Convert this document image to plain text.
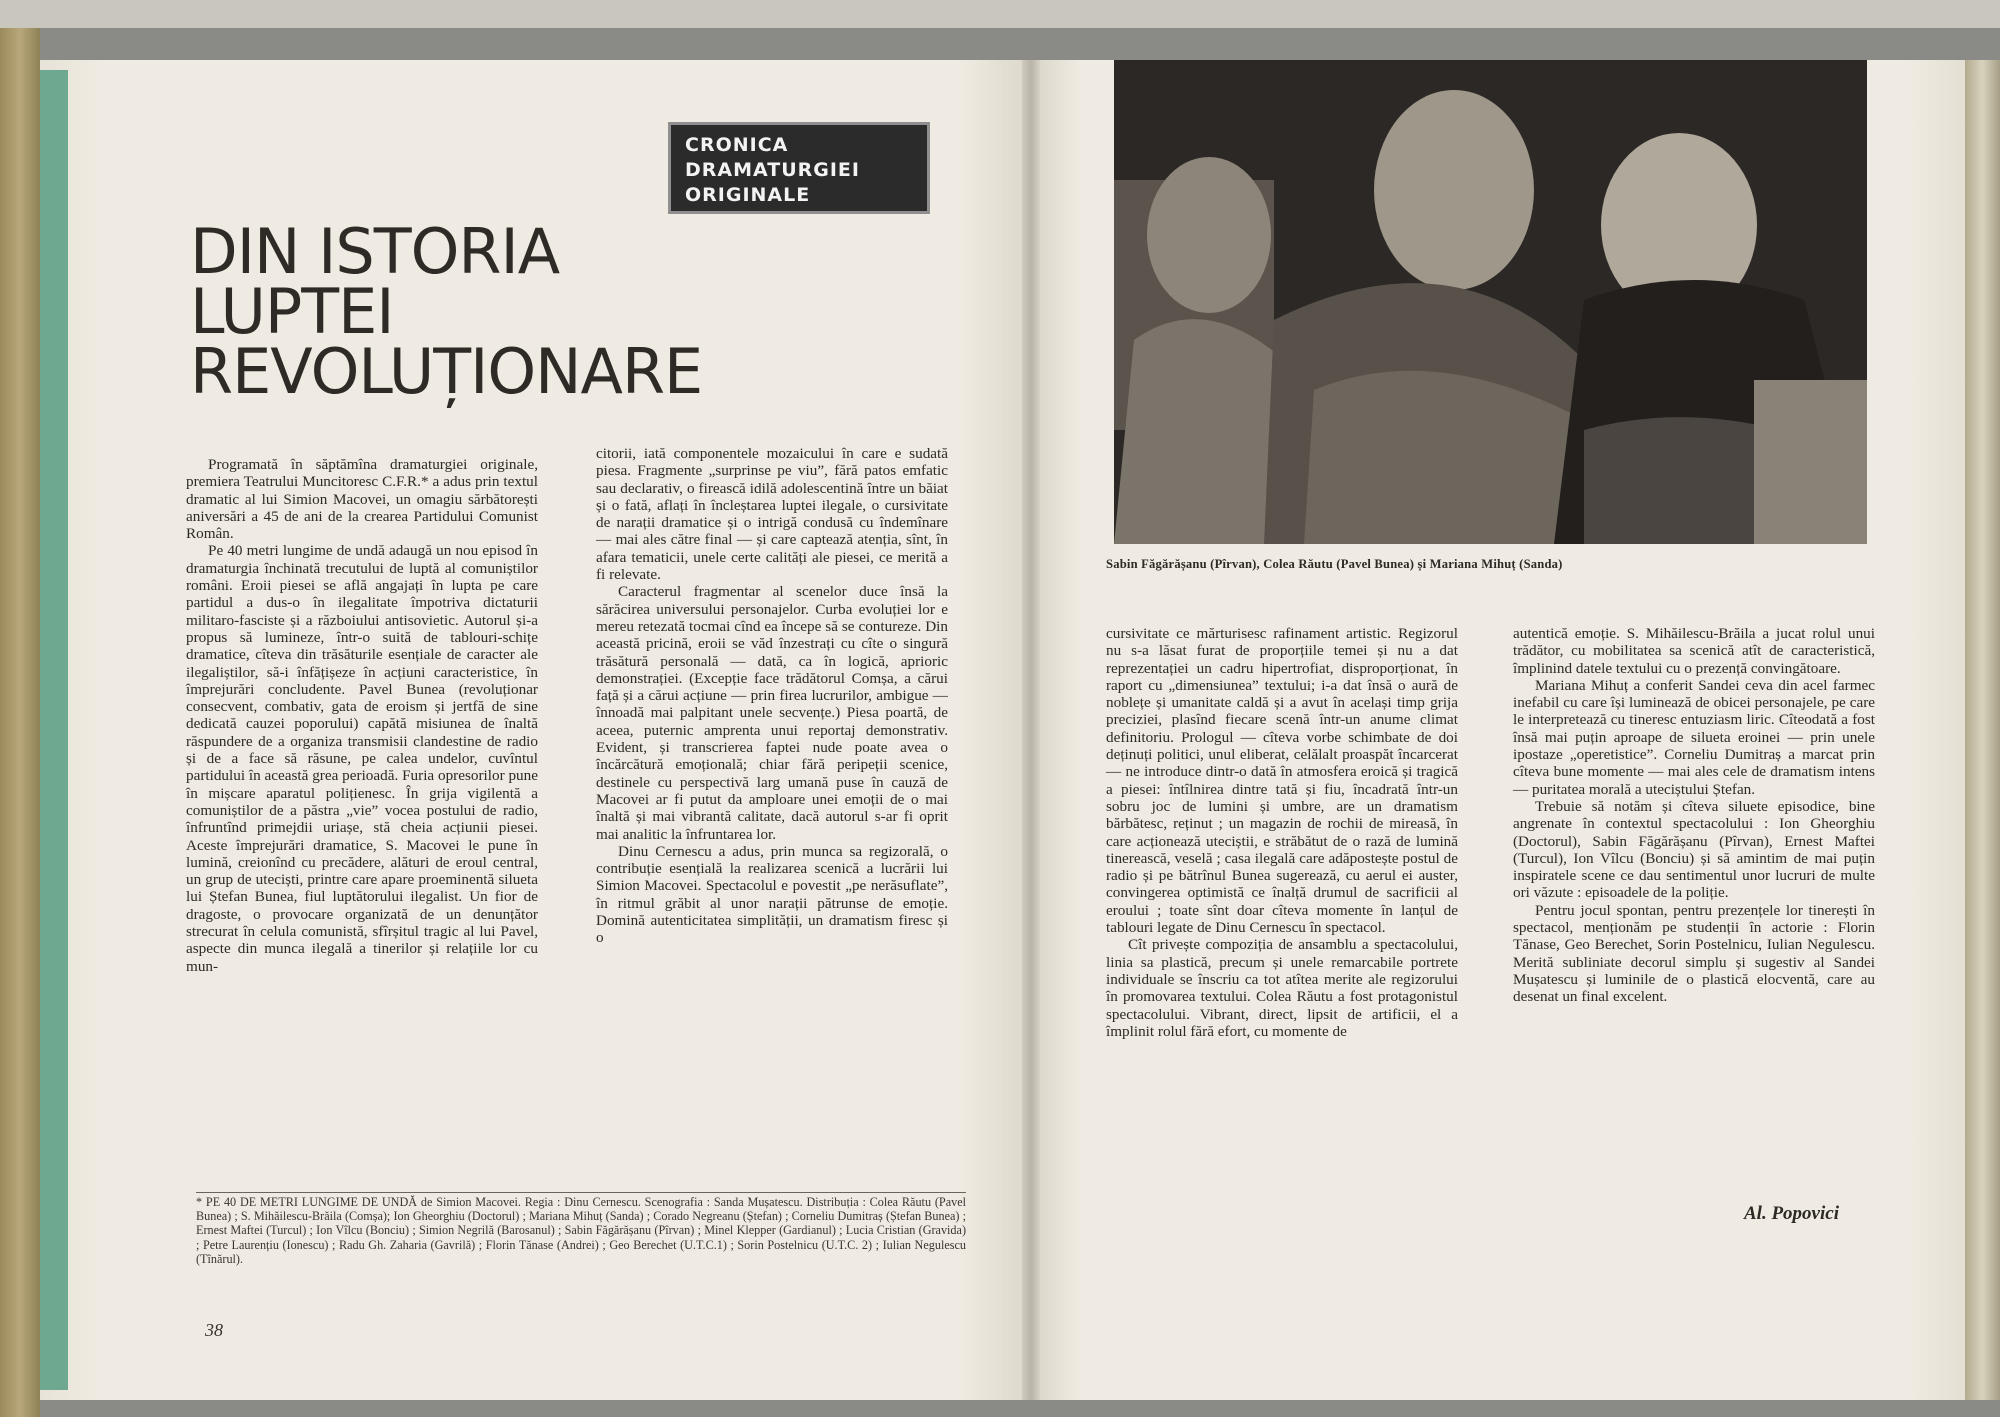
CRONICA
DRAMATURGIEI
ORIGINALE
DIN ISTORIA
LUPTEI
REVOLUȚIONARE

Programată în săptămîna dramaturgiei originale, premiera Teatrului Muncitoresc C.F.R.* a adus prin textul dramatic al lui Simion Macovei, un omagiu sărbătorești aniversări a 45 de ani de la crearea Partidului Comunist Român.

Pe 40 metri lungime de undă adaugă un nou episod în dramaturgia închinată trecutului de luptă al comuniștilor români. Eroii piesei se află angajați în lupta pe care partidul a dus-o în ilegalitate împotriva dictaturii militaro-fasciste și a războiului antisovietic. Autorul și-a propus să lumineze, într-o suită de tablouri-schițe dramatice, cîteva din trăsăturile esențiale de caracter ale ilegaliștilor, să-i înfățișeze în acțiuni caracteristice, în împrejurări concludente. Pavel Bunea (revoluționar consecvent, combativ, gata de eroism și jertfă de sine dedicată cauzei poporului) capătă misiunea de înaltă răspundere de a organiza transmisii clandestine de radio și de a face să răsune, pe calea undelor, cuvîntul partidului în această grea perioadă. Furia opresorilor pune în mișcare aparatul polițienesc. În grija vigilentă a comuniștilor de a păstra „vie” vocea postului de radio, înfruntînd primejdii uriașe, stă cheia acțiunii piesei. Aceste împrejurări dramatice, S. Macovei le pune în lumină, creionînd cu precădere, alături de eroul central, un grup de uteciști, printre care apare proeminentă silueta lui Ștefan Bunea, fiul luptătorului ilegalist. Un fior de dragoste, o provocare organizată de un denunțător strecurat în celula comunistă, sfîrșitul tragic al lui Pavel, aspecte din munca ilegală a tinerilor și relațiile lor cu mun-

citorii, iată componentele mozaicului în care e sudată piesa. Fragmente „surprinse pe viu”, fără patos emfatic sau declarativ, o firească idilă adolescentină între un băiat și o fată, aflați în încleștarea luptei ilegale, o cursivitate de narații dramatice și o intrigă condusă cu îndemînare — mai ales către final — și care captează atenția, sînt, în afara tematicii, unele certe calități ale piesei, ce merită a fi relevate.

Caracterul fragmentar al scenelor duce însă la sărăcirea universului personajelor. Curba evoluției lor e mereu retezată tocmai cînd ea începe să se contureze. Din această pricină, eroii se văd înzestrați cu cîte o singură trăsătură personală — dată, ca în logică, aprioric demonstrației. (Excepție face trădătorul Comșa, a cărui față și a cărui acțiune — prin firea lucrurilor, ambigue — înnoadă mai palpitant unele secvențe.) Piesa poartă, de aceea, puternic amprenta unui reportaj demonstrativ. Evident, și transcrierea faptei nude poate avea o încărcătură emoțională; chiar fără peripeții scenice, destinele cu perspectivă larg umană puse în cauză de Macovei ar fi putut da amploare unei emoții de o mai înaltă și mai vibrantă calitate, dacă autorul s-ar fi oprit mai analitic la înfruntarea lor.

Dinu Cernescu a adus, prin munca sa regizorală, o contribuție esențială la realizarea scenică a lucrării lui Simion Macovei. Spectacolul e povestit „pe nerăsuflate”, în ritmul grăbit al unor narații pătrunse de emoție. Domină autenticitatea simplității, un dramatism firesc și o

* PE 40 DE METRI LUNGIME DE UNDĂ de Simion Macovei. Regia : Dinu Cernescu. Scenografia : Sanda Mușatescu. Distribuția : Colea Răutu (Pavel Bunea) ; S. Mihăilescu-Brăila (Comșa); Ion Gheorghiu (Doctorul) ; Mariana Mihuț (Sanda) ; Corado Negreanu (Ștefan) ; Corneliu Dumitraș (Ștefan Bunea) ; Ernest Maftei (Turcul) ; Ion Vîlcu (Bonciu) ; Simion Negrilă (Barosanul) ; Sabin Făgărășanu (Pîrvan) ; Minel Klepper (Gardianul) ; Lucia Cristian (Gravida) ; Petre Laurențiu (Ionescu) ; Radu Gh. Zaharia (Gavrilă) ; Florin Tănase (Andrei) ; Geo Berechet (U.T.C.1) ; Sorin Postelnicu (U.T.C. 2) ; Iulian Negulescu (Tînărul).
38
Sabin Făgărășanu (Pîrvan), Colea Răutu (Pavel Bunea) și Mariana Mihuț (Sanda)

cursivitate ce mărturisesc rafinament artistic. Regizorul nu s-a lăsat furat de proporțiile temei și nu a dat reprezentației un cadru hipertrofiat, disproporționat, în raport cu „dimensiunea” textului; i-a dat însă o aură de noblețe și umanitate caldă și a avut în același timp grija preciziei, plasînd fiecare scenă într-un anume climat definitoriu. Prologul — cîteva vorbe schimbate de doi deținuți politici, unul eliberat, celălalt proaspăt încarcerat — ne introduce dintr-o dată în atmosfera eroică și tragică a piesei: întîlnirea dintre tată și fiu, încadrată într-un sobru joc de lumini și umbre, are un dramatism bărbătesc, reținut ; un magazin de rochii de mireasă, în care acționează uteciștii, e străbătut de o rază de lumină tinerească, veselă ; casa ilegală care adăpostește postul de radio și pe bătrînul Bunea sugerează, cu aerul ei auster, convingerea optimistă ce înalță drumul de sacrificii al eroului ; toate sînt doar cîteva momente în lanțul de tablouri legate de Dinu Cernescu în spectacol.

Cît privește compoziția de ansamblu a spectacolului, linia sa plastică, precum și unele remarcabile portrete individuale se înscriu ca tot atîtea merite ale regizorului în promovarea textului. Colea Răutu a fost protagonistul spectacolului. Vibrant, direct, lipsit de artificii, el a împlinit rolul fără efort, cu momente de

autentică emoție. S. Mihăilescu-Brăila a jucat rolul unui trădător, cu mobilitatea sa scenică atît de caracteristică, împlinind datele textului cu o prezență convingătoare.

Mariana Mihuț a conferit Sandei ceva din acel farmec inefabil cu care își luminează de obicei personajele, pe care le interpretează cu tineresc entuziasm liric. Cîteodată a fost însă mai puțin aproape de silueta eroinei — prin unele ipostaze „operetistice”. Corneliu Dumitraș a marcat prin cîteva bune momente — mai ales cele de dramatism intens — puritatea morală a uteciștului Ștefan.

Trebuie să notăm și cîteva siluete episodice, bine angrenate în contextul spectacolului : Ion Gheorghiu (Doctorul), Sabin Făgărășanu (Pîrvan), Ernest Maftei (Turcul), Ion Vîlcu (Bonciu) și să amintim de mai puțin inspiratele scene ce dau sentimentul unor lucruri de multe ori văzute : episoadele de la poliție.

Pentru jocul spontan, pentru prezențele lor tinerești în spectacol, menționăm pe studenții în actorie : Florin Tănase, Geo Berechet, Sorin Postelnicu, Iulian Negulescu. Merită subliniate decorul simplu și sugestiv al Sandei Mușatescu și luminile de o plastică elocventă, care au desenat un final excelent.

Al. Popovici
